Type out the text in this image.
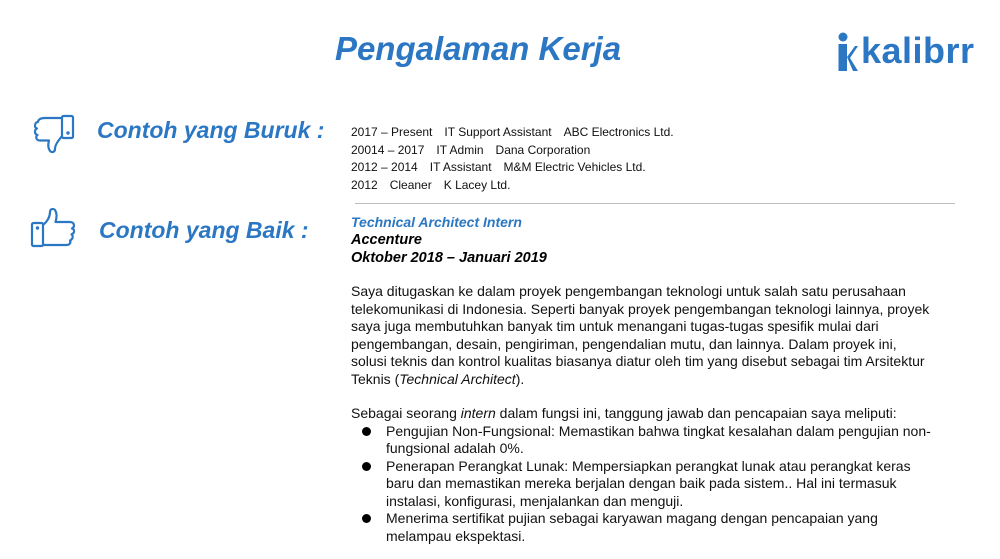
Pengalaman Kerja	kalibrr
Contoh yang Buruk : 2017 – Present IT Support Assistant ABC Electronics Ltd.
20014 – 2017 IT Admin Dana Corporation
2012 – 2014 IT Assistant M&M Electric Vehicles Ltd.
2012 Cleaner K Lacey Ltd.
Contoh yang Baik :	Technical Architect Intern
Accenture
Oktober 2018 – Januari 2019
Saya ditugaskan ke dalam proyek pengembangan teknologi untuk salah satu perusahaan telekomunikasi di Indonesia. Seperti banyak proyek pengembangan teknologi lainnya, proyek saya juga membutuhkan banyak tim untuk menangani tugas-tugas spesifik mulai dari pengembangan, desain, pengiriman, pengendalian mutu, dan lainnya. Dalam proyek ini, solusi teknis dan kontrol kualitas biasanya diatur oleh tim yang disebut sebagai tim Arsitektur Teknis (Technical Architect).
Sebagai seorang intern dalam fungsi ini, tanggung jawab dan pencapaian saya meliputi:
Pengujian Non-Fungsional: Memastikan bahwa tingkat kesalahan dalam pengujian non-fungsional adalah 0%.
Penerapan Perangkat Lunak: Mempersiapkan perangkat lunak atau perangkat keras baru dan memastikan mereka berjalan dengan baik pada sistem.. Hal ini termasuk instalasi, konfigurasi, menjalankan dan menguji.
Menerima sertifikat pujian sebagai karyawan magang dengan pencapaian yang melampau ekspektasi.
